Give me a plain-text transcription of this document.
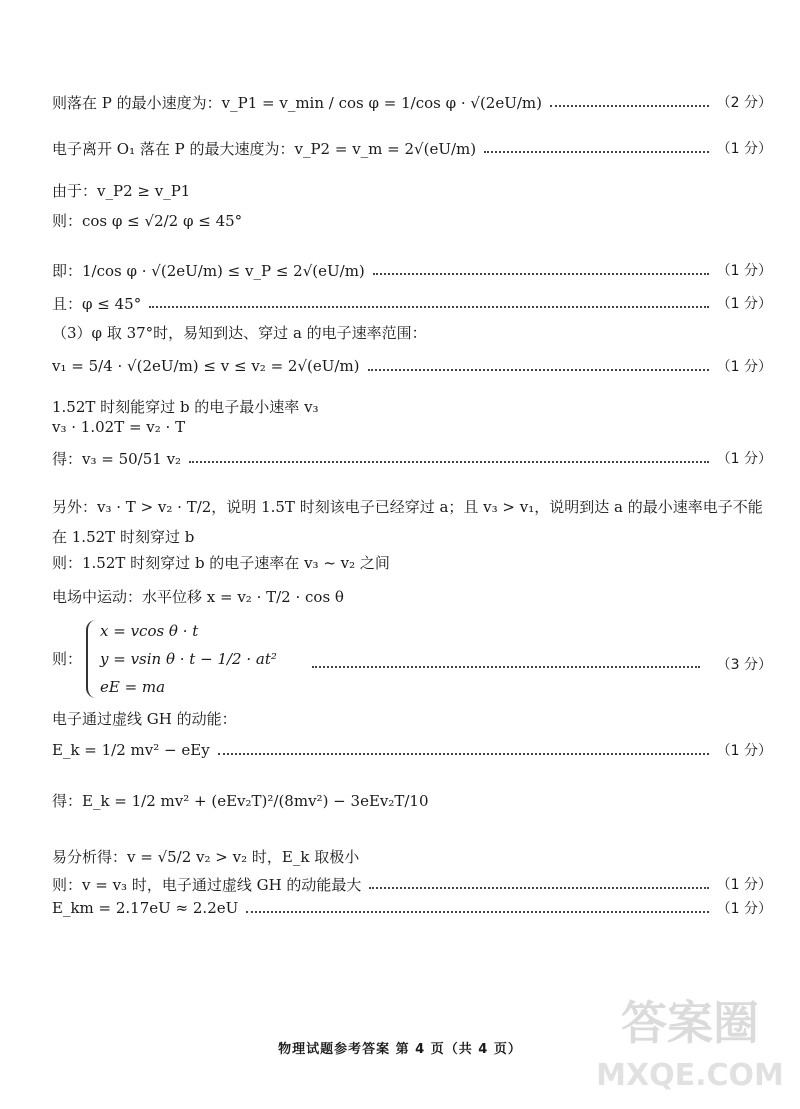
则落在 P 的最小速度为：v_P1 = v_min / cos φ = 1/cos φ · √(2eU/m)	（2 分）
电子离开 O₁ 落在 P 的最大速度为：v_P2 = v_m = 2√(eU/m)	（1 分）
由于：v_P2 ≥ v_P1
则：cos φ ≤ √2/2 φ ≤ 45°
即：1/cos φ · √(2eU/m) ≤ v_P ≤ 2√(eU/m)	（1 分）
且：φ ≤ 45°	（1 分）
（3）φ 取 37°时，易知到达、穿过 a 的电子速率范围：
v₁ = 5/4 · √(2eU/m) ≤ v ≤ v₂ = 2√(eU/m)	（1 分）
1.52T 时刻能穿过 b 的电子最小速率 v₃
v₃ · 1.02T = v₂ · T
得：v₃ = 50/51 v₂	（1 分）
另外：v₃ · T > v₂ · T/2，说明 1.5T 时刻该电子已经穿过 a；且 v₃ > v₁，说明到达 a 的最小速率电子不能
在 1.52T 时刻穿过 b
则：1.52T 时刻穿过 b 的电子速率在 v₃ ~ v₂ 之间
电场中运动：水平位移 x = v₂ · T/2 · cos θ
则：
x = vcos θ · t
y = vsin θ · t − 1/2 · at²
eE = ma
（3 分）
电子通过虚线 GH 的动能：
E_k = 1/2 mv² − eEy	（1 分）
得：E_k = 1/2 mv² + (eEv₂T)²/(8mv²) − 3eEv₂T/10
易分析得：v = √5/2 v₂ > v₂ 时，E_k 取极小
则：v = v₃ 时，电子通过虚线 GH 的动能最大	（1 分）
E_km = 2.17eU ≈ 2.2eU	（1 分）
物理试题参考答案 第 4 页（共 4 页）	答案圈
MXQE.COM
